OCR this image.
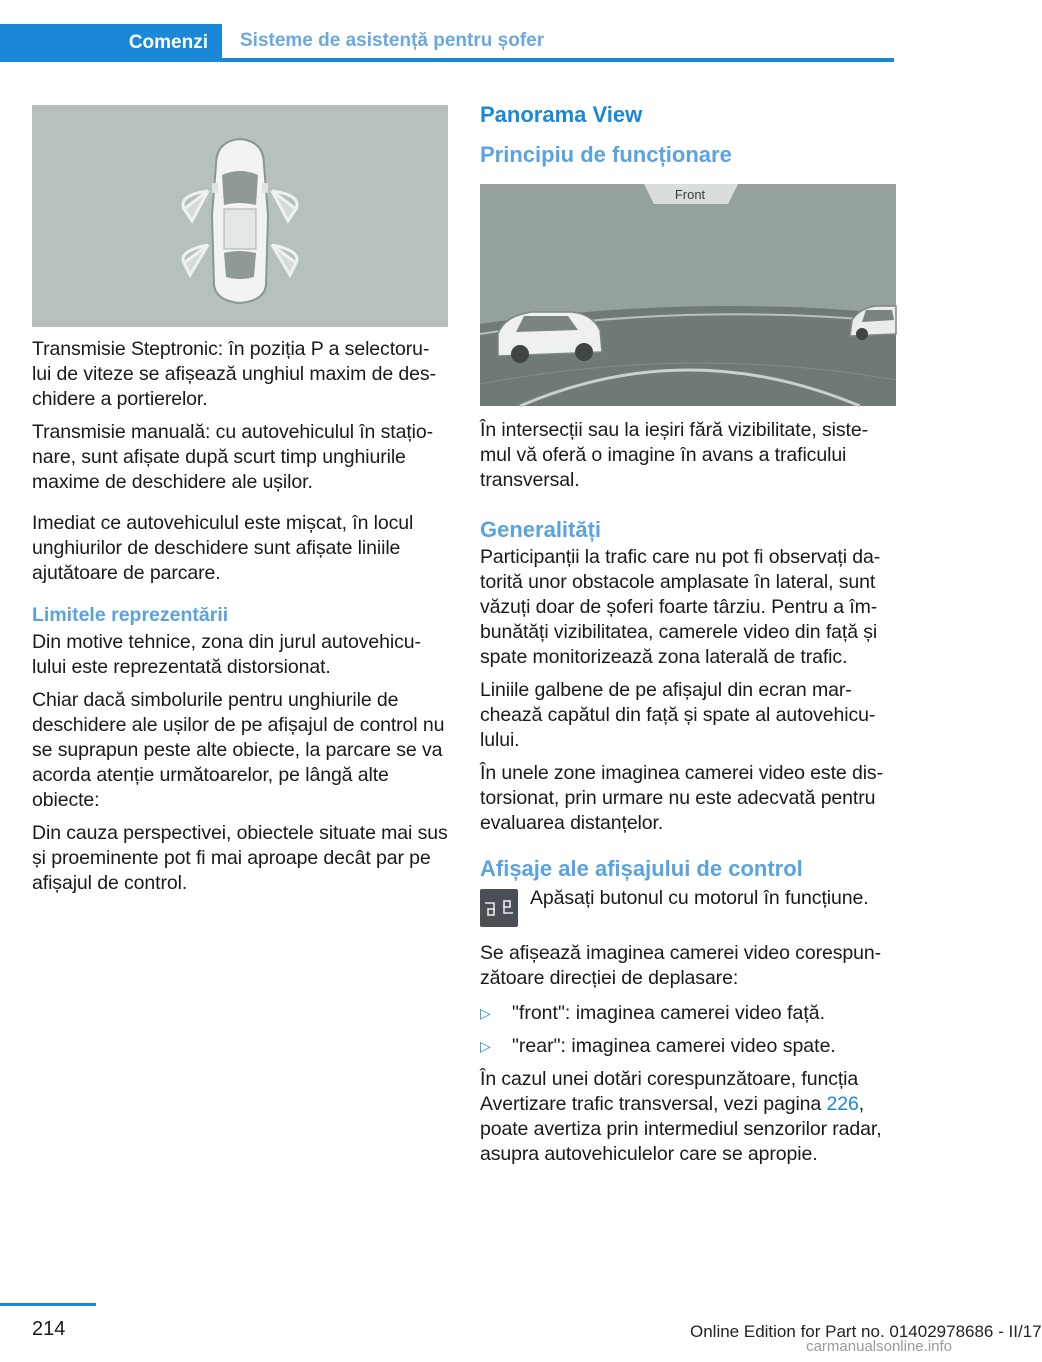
Comenzi	Sisteme de asistență pentru șofer

Transmisie Steptronic: în poziția P a selectoru‐lui de viteze se afișează unghiul maxim de des‐chidere a portierelor.

Transmisie manuală: cu autovehiculul în stațio‐nare, sunt afișate după scurt timp unghiurile maxime de deschidere ale ușilor.

Imediat ce autovehiculul este mișcat, în locul unghiurilor de deschidere sunt afișate liniile ajutătoare de parcare.

Limitele reprezentării

Din motive tehnice, zona din jurul autovehicu‐lului este reprezentată distorsionat.

Chiar dacă simbolurile pentru unghiurile de deschidere ale ușilor de pe afișajul de control nu se suprapun peste alte obiecte, la parcare se va acorda atenție următoarelor, pe lângă alte obiecte:

Din cauza perspectivei, obiectele situate mai sus și proeminente pot fi mai aproape decât par pe afișajul de control.

Panorama View
Principiu de funcționare
Front

În intersecții sau la ieșiri fără vizibilitate, siste‐mul vă oferă o imagine în avans a traficului transversal.

Generalități

Participanții la trafic care nu pot fi observați da‐torită unor obstacole amplasate în lateral, sunt văzuți doar de șoferi foarte târziu. Pentru a îm‐bunătăți vizibilitatea, camerele video din față și spate monitorizează zona laterală de trafic.

Liniile galbene de pe afișajul din ecran mar‐chează capătul din față și spate al autovehicu‐lului.

În unele zone imaginea camerei video este dis‐torsionat, prin urmare nu este adecvată pentru evaluarea distanțelor.

Afișaje ale afișajului de control

Apăsați butonul cu motorul în funcțiune.

Se afișează imaginea camerei video corespun‐zătoare direcției de deplasare:

▷	"front": imaginea camerei video față.
▷	"rear": imaginea camerei video spate.

În cazul unei dotări corespunzătoare, funcția Avertizare trafic transversal, vezi pagina 226, poate avertiza prin intermediul senzorilor radar, asupra autovehiculelor care se apropie.

214	Online Edition for Part no. 01402978686 - II/17
carmanualsonline.info
